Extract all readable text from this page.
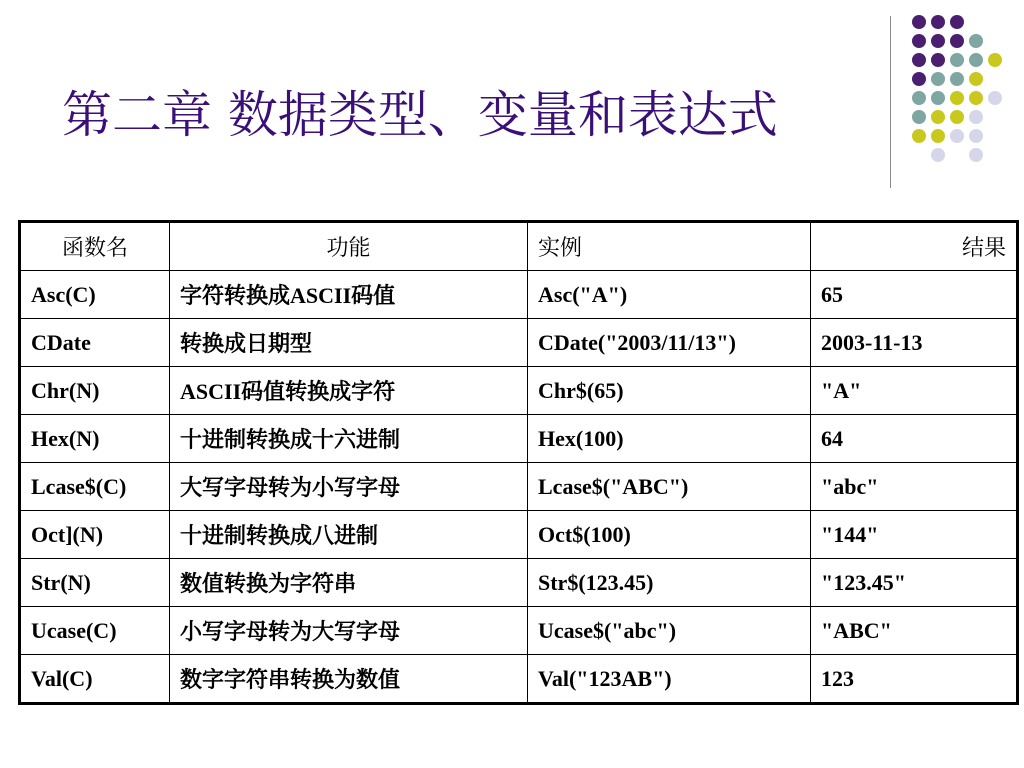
第二章 数据类型、变量和表达式
函数名	功能	实例	结果
Asc(C)	字符转换成ASCII码值	Asc("A")	65
CDate	转换成日期型	CDate("2003/11/13")	2003-11-13
Chr(N)	ASCII码值转换成字符	Chr$(65)	"A"
Hex(N)	十进制转换成十六进制	Hex(100)	64
Lcase$(C)	大写字母转为小写字母	Lcase$("ABC")	"abc"
Oct](N)	十进制转换成八进制	Oct$(100)	"144"
Str(N)	数值转换为字符串	Str$(123.45)	"123.45"
Ucase(C)	小写字母转为大写字母	Ucase$("abc")	"ABC"
Val(C)	数字字符串转换为数值	Val("123AB")	123
